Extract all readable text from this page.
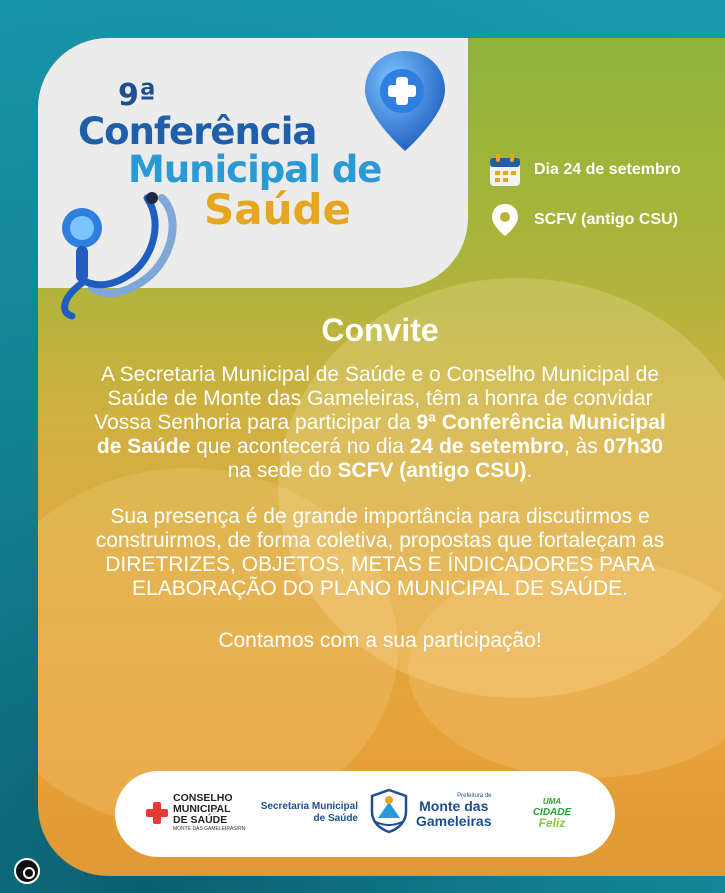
9ª
Conferência
Municipal de
Saúde
Dia 24 de setembro
SCFV (antigo CSU)
Convite

A Secretaria Municipal de Saúde e o Conselho Municipal de Saúde de Monte das Gameleiras, têm a honra de convidar Vossa Senhoria para participar da 9ª Conferência Municipal de Saúde que acontecerá no dia 24 de setembro, às 07h30 na sede do SCFV (antigo CSU).

Sua presença é de grande importância para discutirmos e construirmos, de forma coletiva, propostas que fortaleçam as DIRETRIZES, OBJETOS, METAS E ÍNDICADORES PARA ELABORAÇÃO DO PLANO MUNICIPAL DE SAÚDE.

Contamos com a sua participação!

CONSELHO
MUNICIPAL
DE SAÚDE
MONTE DAS GAMELEIRAS/RN
Secretaria Municipal de Saúde
Prefeitura de
Monte das
Gameleiras
UMA
CIDADE
Feliz
